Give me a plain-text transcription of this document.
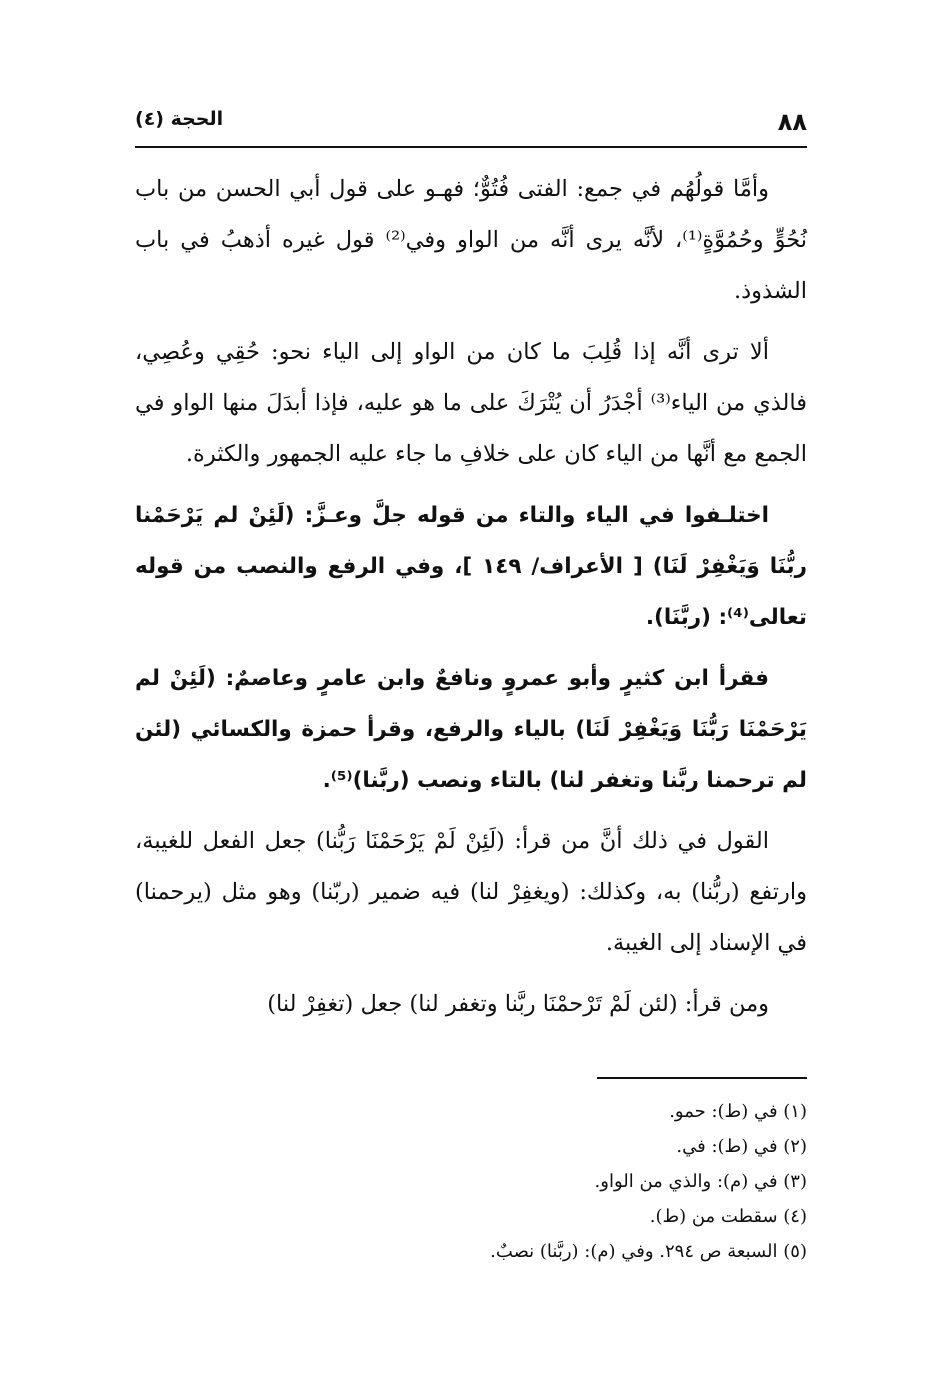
٨٨
الحجة (٤)

وأمَّا قولُهُم في جمع: الفتى فُتُوٌّ؛ فهـو على قول أبي الحسن من باب نُحُوٍّ وحُمُوَّةٍ⁽¹⁾، لأنَّه يرى أنَّه من الواو وفي⁽²⁾ قول غيره أذهبُ في باب الشذوذ.

ألا ترى أنَّه إذا قُلِبَ ما كان من الواو إلى الياء نحو: حُقِي وعُصِي، فالذي من الياء⁽³⁾ أجْدَرُ أن يُتْرَكَ على ما هو عليه، فإذا أبدَلَ منها الواو في الجمع مع أنَّها من الياء كان على خلافِ ما جاء عليه الجمهور والكثرة.

اختلـفوا في الياء والتاء من قوله جلَّ وعـزَّ: (لَئِنْ لم يَرْحَمْنا ربُّنَا وَيَغْفِرْ لَنَا) [ الأعراف/ ١٤٩ ]، وفي الرفع والنصب من قوله تعالى⁽⁴⁾: (ربَّنَا).

فقرأ ابن كثيرٍ وأبو عمروٍ ونافعٌ وابن عامرٍ وعاصمٌ: (لَئِنْ لم يَرْحَمْنَا رَبُّنَا وَيَغْفِرْ لَنَا) بالياء والرفع، وقرأ حمزة والكسائي (لئن لم ترحمنا ربَّنا وتغفر لنا) بالتاء ونصب (ربَّنا)⁽⁵⁾.

القول في ذلك أنَّ من قرأ: (لَئِنْ لَمْ يَرْحَمْنَا رَبُّنا) جعل الفعل للغيبة، وارتفع (ربُّنا) به، وكذلك: (ويغفِرْ لنا) فيه ضمير (ربّنا) وهو مثل (يرحمنا) في الإسناد إلى الغيبة.

ومن قرأ: (لئن لَمْ تَرْحمْنَا ربَّنا وتغفر لنا) جعل (تغفِرْ لنا)

(١) في (ط): حمو.
(٢) في (ط): في.
(٣) في (م): والذي من الواو.
(٤) سقطت من (ط).
(٥) السبعة ص ٢٩٤. وفي (م): (ربَّنا) نصبٌ.
